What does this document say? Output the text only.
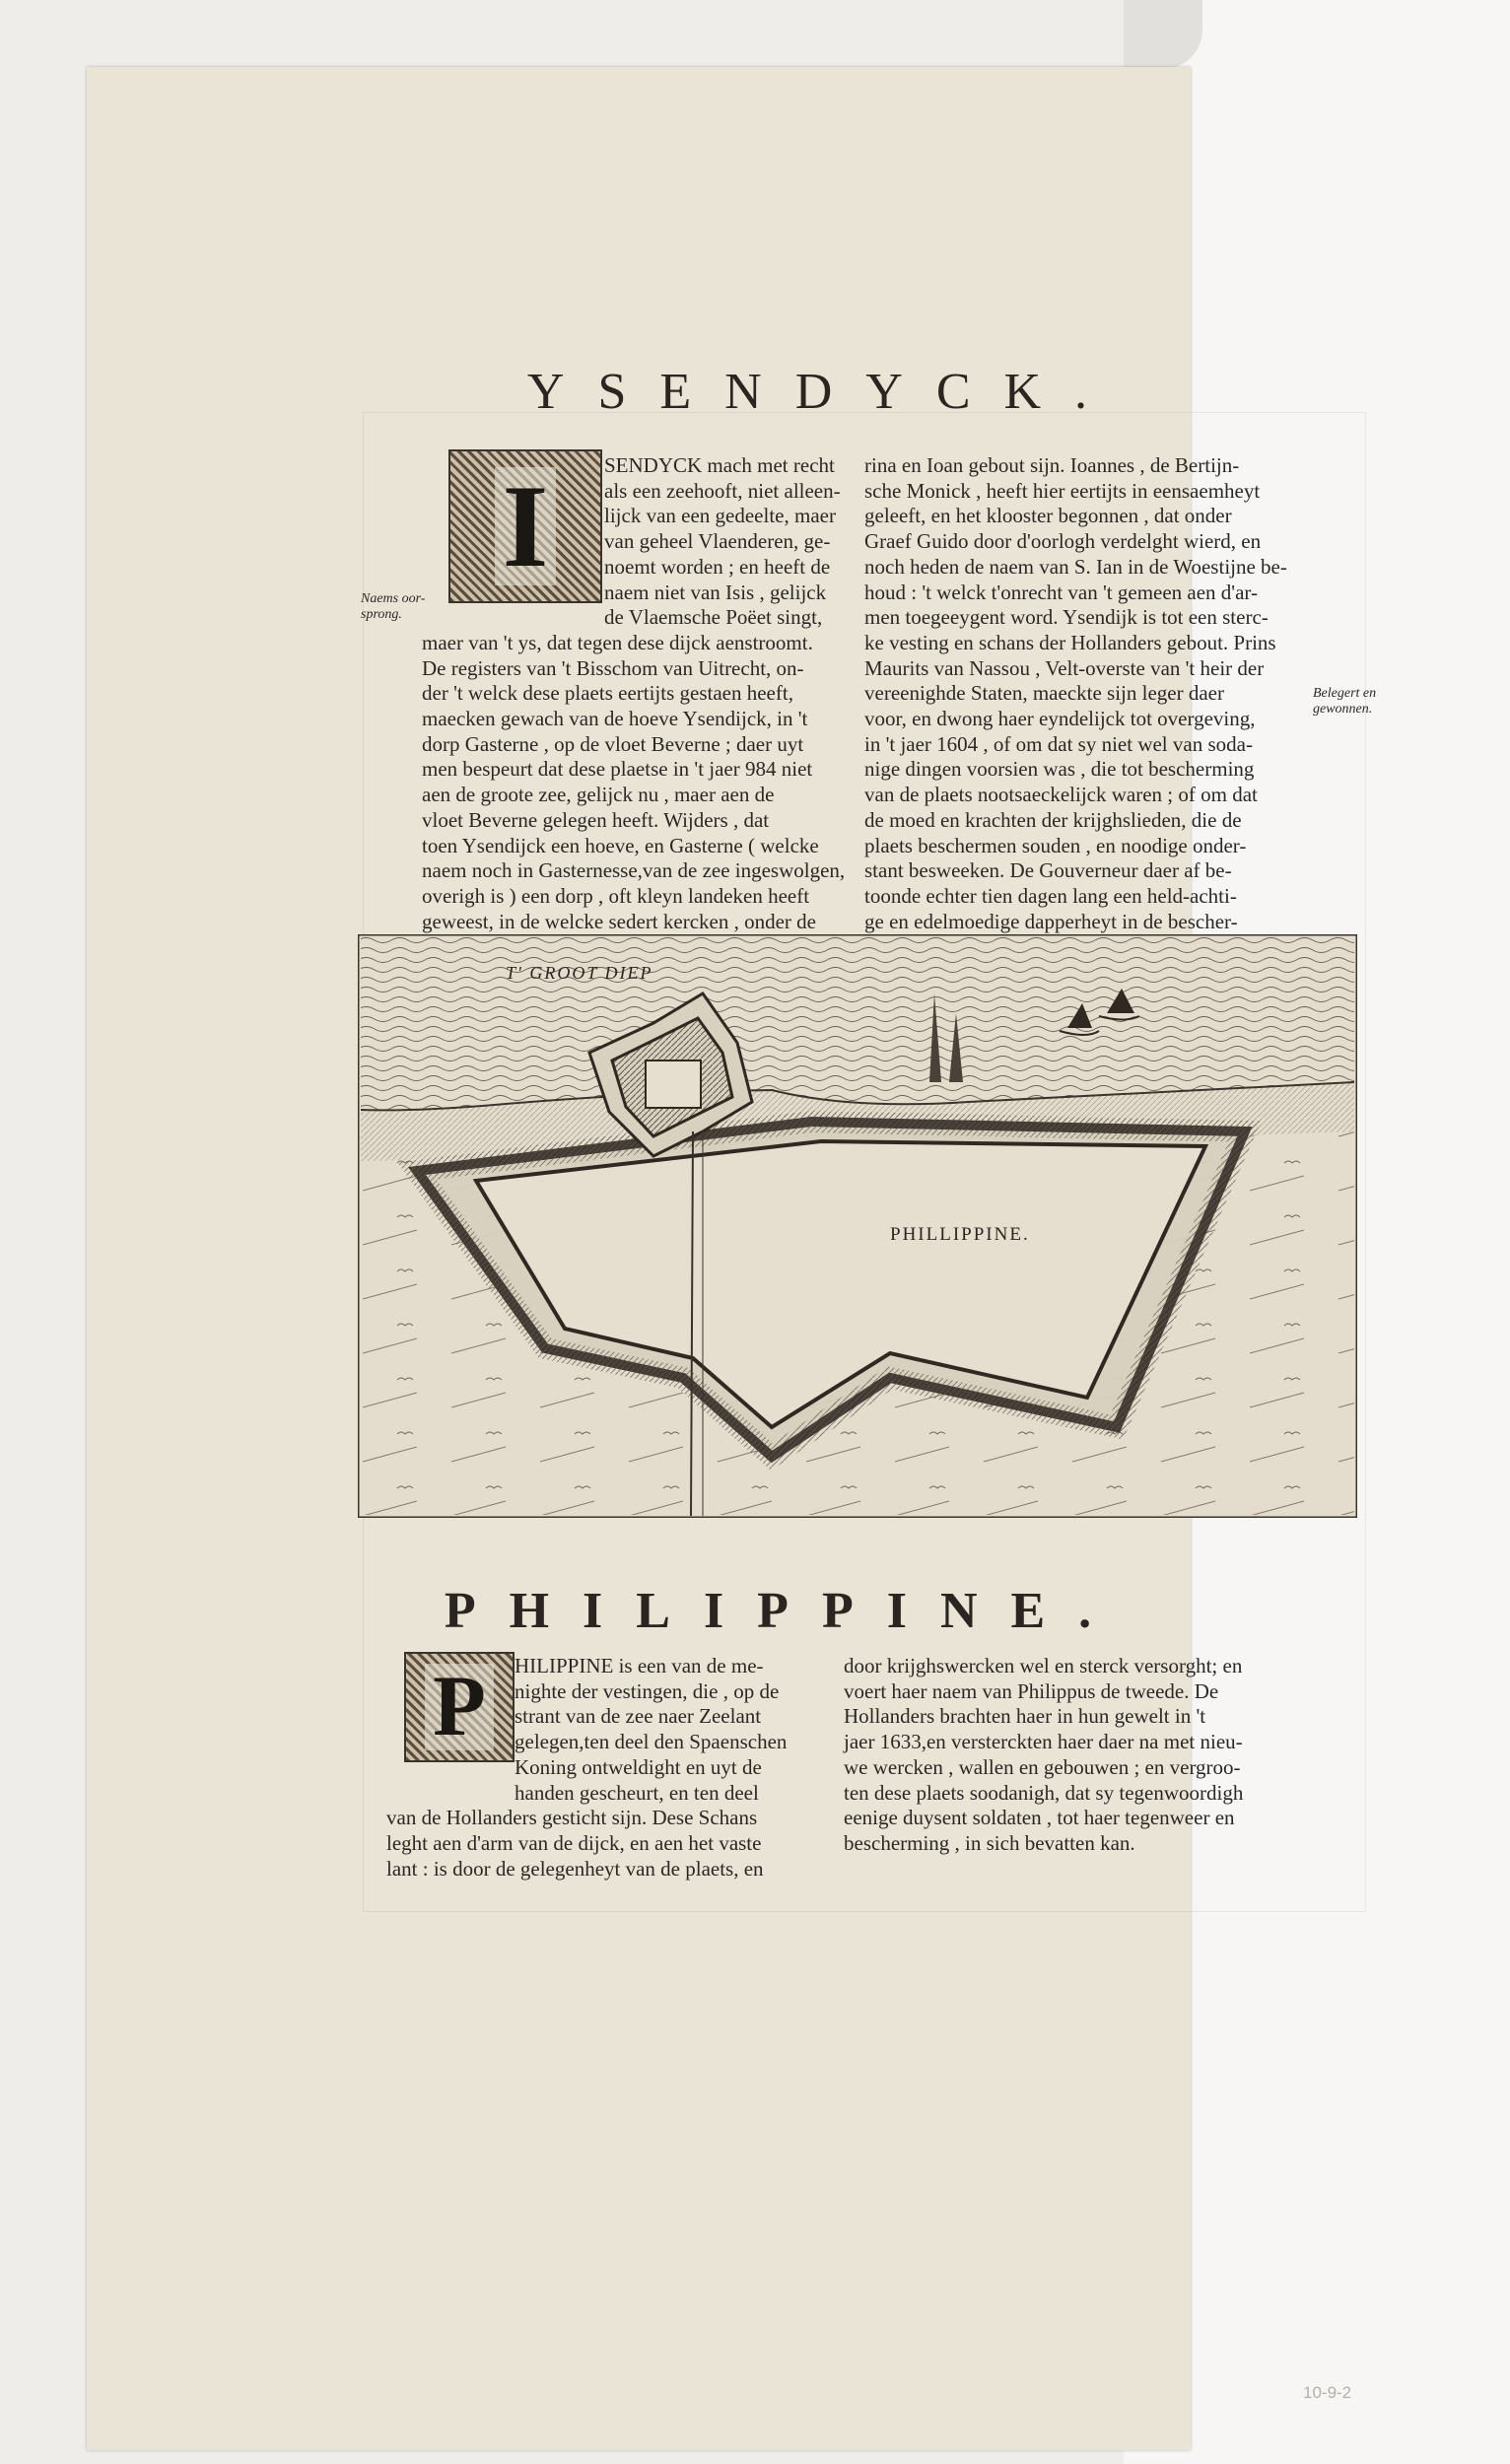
YSENDYCK.
I
Naems oor-
sprong.
Belegert en
gewonnen.

SENDYCK mach met recht

als een zeehooft, niet alleen-

lijck van een gedeelte, maer

van geheel Vlaenderen, ge-

noemt worden ; en heeft de

naem niet van Isis , gelijck

de Vlaemsche Poëet singt,

maer van 't ys, dat tegen dese dijck aenstroomt.

De registers van 't Bisschom van Uitrecht, on-

der 't welck dese plaets eertijts gestaen heeft,

maecken gewach van de hoeve Ysendijck, in 't

dorp Gasterne , op de vloet Beverne ; daer uyt

men bespeurt dat dese plaetse in 't jaer 984 niet

aen de groote zee, gelijck nu , maer aen de

vloet Beverne gelegen heeft. Wijders , dat

toen Ysendijck een hoeve, en Gasterne ( welcke

naem noch in Gasternesse,van de zee ingeswolgen,

overigh is ) een dorp , oft kleyn landeken heeft

geweest, in de welcke sedert kercken , onder de

rina en Ioan gebout sijn. Ioannes , de Bertijn-

sche Monick , heeft hier eertijts in eensaemheyt

geleeft, en het klooster begonnen , dat onder

Graef Guido door d'oorlogh verdelght wierd, en

noch heden de naem van S. Ian in de Woestijne be-

houd : 't welck t'onrecht van 't gemeen aen d'ar-

men toegeeygent word. Ysendijk is tot een sterc-

ke vesting en schans der Hollanders gebout. Prins

Maurits van Nassou , Velt-overste van 't heir der

vereenighde Staten, maeckte sijn leger daer

voor, en dwong haer eyndelijck tot overgeving,

in 't jaer 1604 , of om dat sy niet wel van soda-

nige dingen voorsien was , die tot bescherming

van de plaets nootsaeckelijck waren ; of om dat

de moed en krachten der krijghslieden, die de

plaets beschermen souden , en noodige onder-

stant besweeken. De Gouverneur daer af be-

toonde echter tien dagen lang een held-achti-

ge en edelmoedige dapperheyt in de bescher-

T' GROOT DIEP
PHILLIPPINE.
PHILIPPINE.
P	HILIPPINE is een van de me-

nighte der vestingen, die , op de

strant van de zee naer Zeelant

gelegen,ten deel den Spaenschen

Koning ontweldight en uyt de

handen gescheurt, en ten deel

van de Hollanders gesticht sijn. Dese Schans

leght aen d'arm van de dijck, en aen het vaste

lant : is door de gelegenheyt van de plaets, en

door krijghswercken wel en sterck versorght; en

voert haer naem van Philippus de tweede. De

Hollanders brachten haer in hun gewelt in 't

jaer 1633,en versterckten haer daer na met nieu-

we wercken , wallen en gebouwen ; en vergroo-

ten dese plaets soodanigh, dat sy tegenwoordigh

eenige duysent soldaten , tot haer tegenweer en

bescherming , in sich bevatten kan.

10-9-2
